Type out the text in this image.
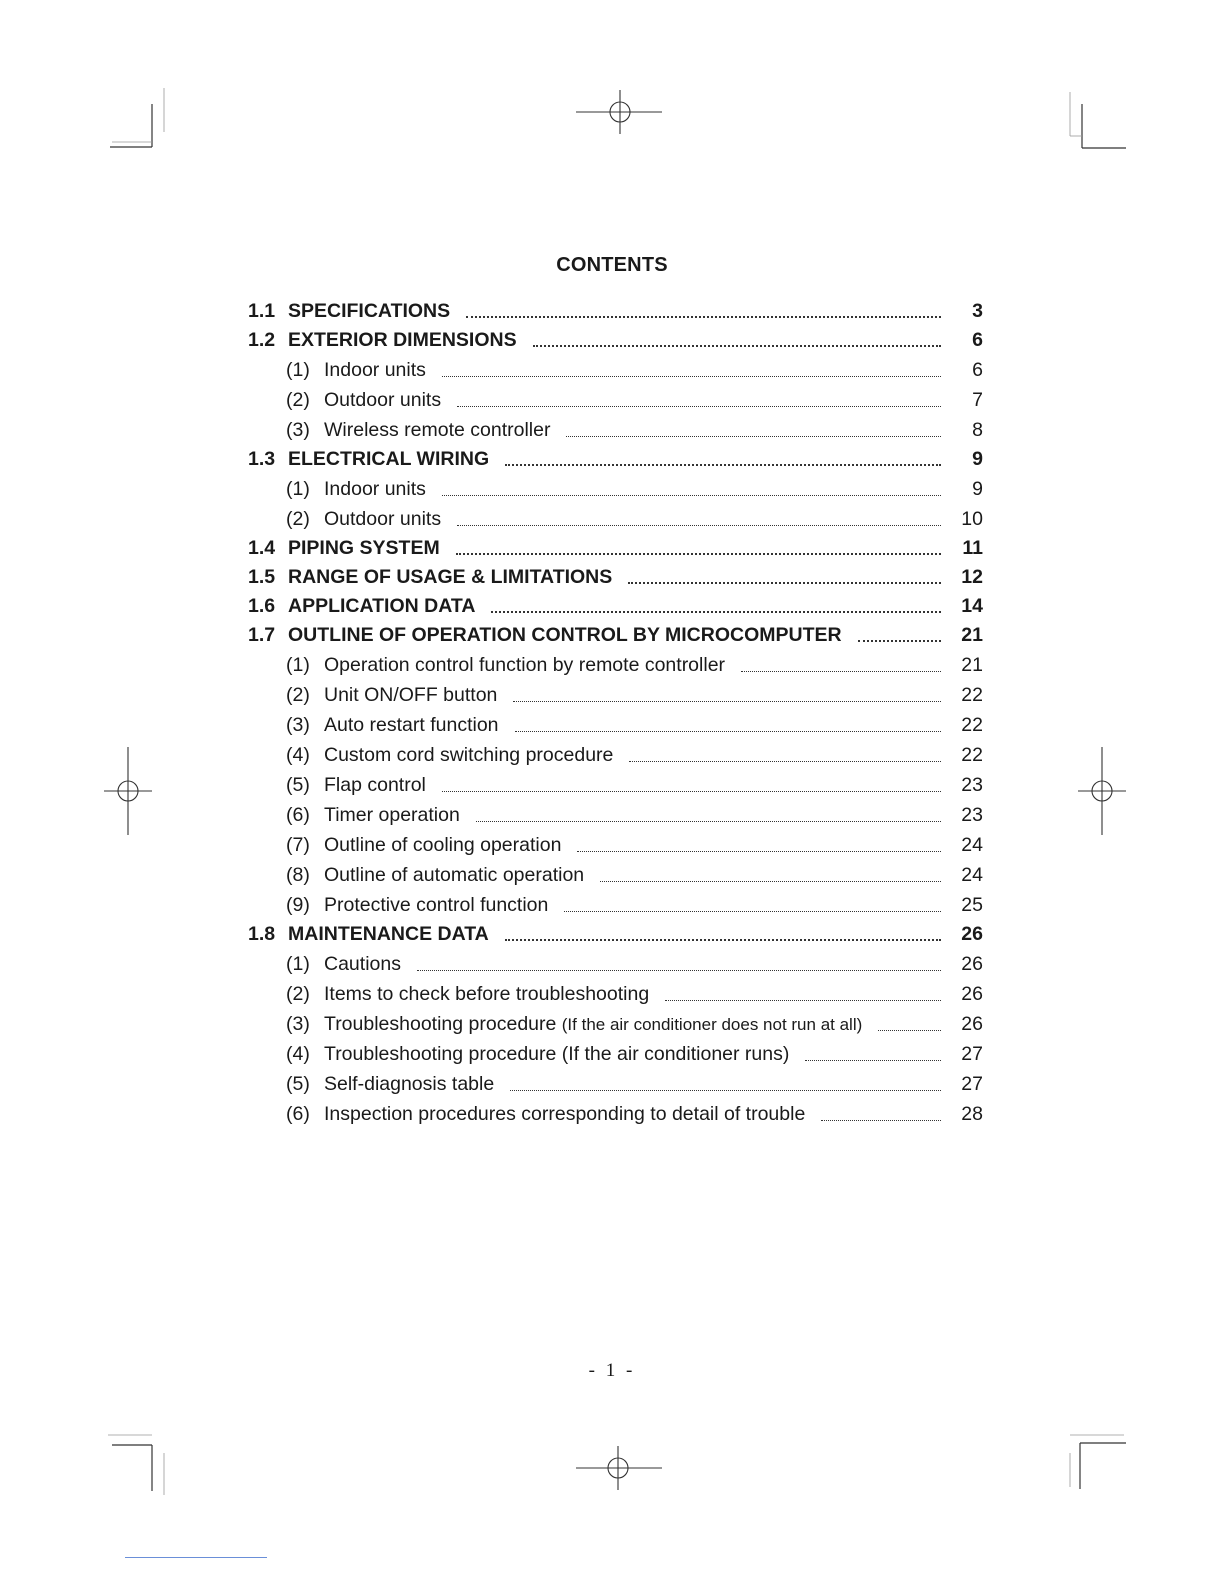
CONTENTS
1.1 SPECIFICATIONS	3
1.2 EXTERIOR DIMENSIONS	6
(1) Indoor units	6
(2) Outdoor units	7
(3) Wireless remote controller	8
1.3 ELECTRICAL WIRING	9
(1) Indoor units	9
(2) Outdoor units	10
1.4 PIPING SYSTEM	11
1.5 RANGE OF USAGE & LIMITATIONS	12
1.6 APPLICATION DATA	14
1.7 OUTLINE OF OPERATION CONTROL BY MICROCOMPUTER	21
(1) Operation control function by remote controller	21
(2) Unit ON/OFF button	22
(3) Auto restart function	22
(4) Custom cord switching procedure	22
(5) Flap control	23
(6) Timer operation	23
(7) Outline of cooling operation	24
(8) Outline of automatic operation	24
(9) Protective control function	25
1.8 MAINTENANCE DATA	26
(1) Cautions	26
(2) Items to check before troubleshooting	26
(3) Troubleshooting procedure (If the air conditioner does not run at all)	26
(4) Troubleshooting procedure (If the air conditioner runs)	27
(5) Self-diagnosis table	27
(6) Inspection procedures corresponding to detail of trouble	28
- 1 -
